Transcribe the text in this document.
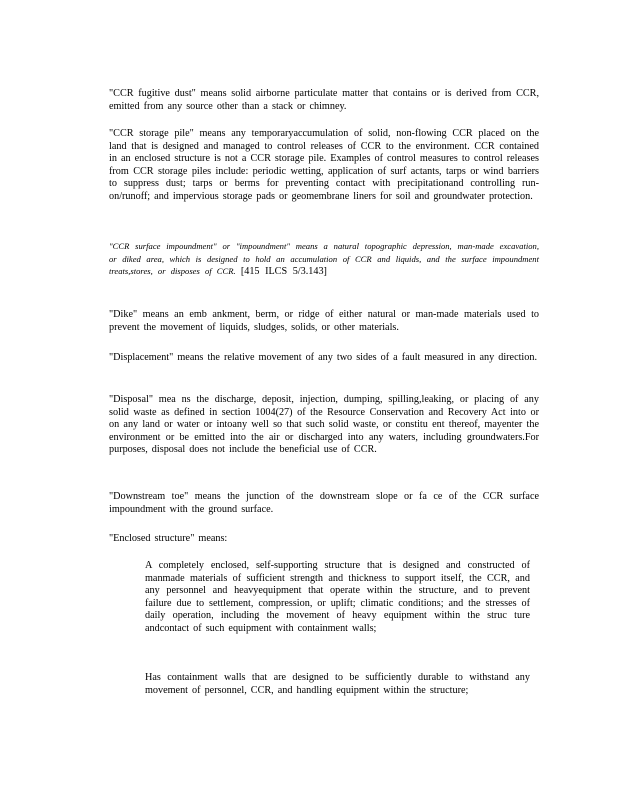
"CCR fugitive dust" means solid airborne particulate matter that contains or is derived from CCR, emitted from any source other than a stack or chimney.

"CCR storage pile" means any temporaryaccumulation of solid, non-flowing CCR placed on the land that is designed and managed to control releases of CCR to the environment. CCR contained in an enclosed structure is not a CCR storage pile. Examples of control measures to control releases from CCR storage piles include: periodic wetting, application of surf actants, tarps or wind barriers to suppress dust; tarps or berms for preventing contact with precipitationand controlling run-on/runoff; and impervious storage pads or geomembrane liners for soil and groundwater protection.

"CCR surface impoundment" or "impoundment" means a natural topographic depression, man-made excavation, or diked area, which is designed to hold an accumulation of CCR and liquids, and the surface impoundment treats,stores, or disposes of CCR. [415 ILCS 5/3.143]

"Dike" means an emb ankment, berm, or ridge of either natural or man-made materials used to prevent the movement of liquids, sludges, solids, or other materials.

"Displacement" means the relative movement of any two sides of a fault measured in any direction.

"Disposal" mea ns the discharge, deposit, injection, dumping, spilling,leaking, or placing of any solid waste as defined in section 1004(27) of the Resource Conservation and Recovery Act into or on any land or water or intoany well so that such solid waste, or constitu ent thereof, mayenter the environment or be emitted into the air or discharged into any waters, including groundwaters.For purposes, disposal does not include the beneficial use of CCR.

"Downstream toe" means the junction of the downstream slope or fa ce of the CCR surface impoundment with the ground surface.

"Enclosed structure" means:

A completely enclosed, self-supporting structure that is designed and constructed of manmade materials of sufficient strength and thickness to support itself, the CCR, and any personnel and heavyequipment that operate within the structure, and to prevent failure due to settlement, compression, or uplift; climatic conditions; and the stresses of daily operation, including the movement of heavy equipment within the struc ture andcontact of such equipment with containment walls;

Has containment walls that are designed to be sufficiently durable to withstand any movement of personnel, CCR, and handling equipment within the structure;
